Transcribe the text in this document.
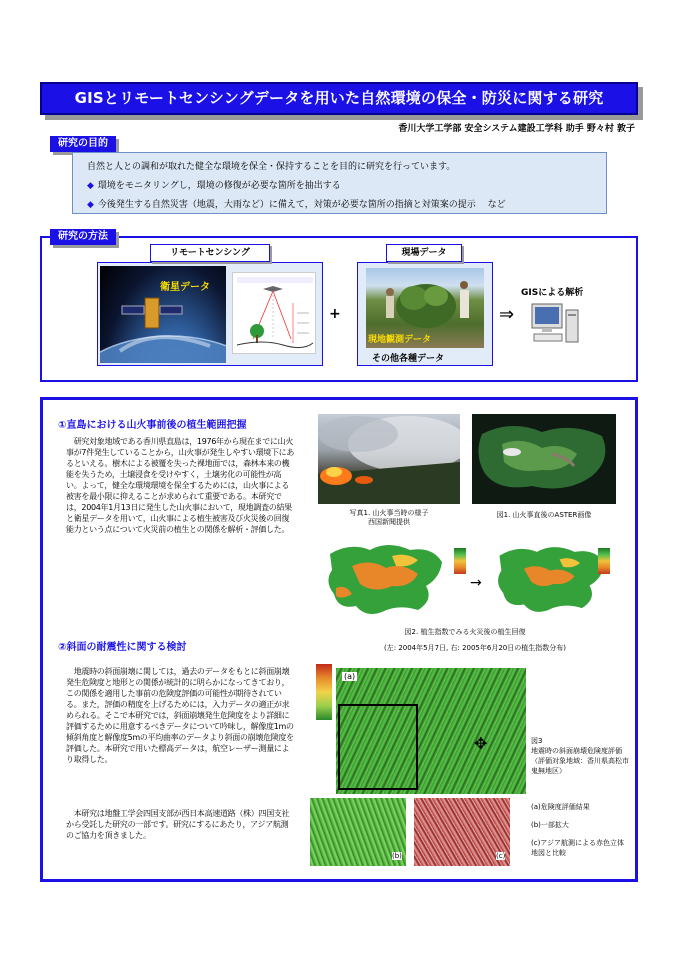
GISとリモートセンシングデータを用いた自然環境の保全・防災に関する研究
香川大学工学部 安全システム建設工学科 助手 野々村 敦子
研究の目的
自然と人との調和が取れた健全な環境を保全・保持することを目的に研究を行っています。
◆ 環境をモニタリングし，環境の修復が必要な箇所を抽出する
◆ 今後発生する自然災害（地震，大雨など）に備えて，対策が必要な箇所の指摘と対策案の提示　 など
研究の方法
リモートセンシング
衛星データ
+
現場データ
現地観測データ
その他各種データ
⇒
GISによる解析
①直島における山火事前後の植生範囲把握
　研究対象地域である香川県直島は，1976年から現在までに山火事が7件発生していることから，山火事が発生しやすい環境下にあるといえる。樹木による被覆を失った裸地面では，森林本来の機能を失うため，土壌浸食を受けやすく，土壌劣化の可能性が高い。よって，健全な環境環境を保全するためには，山火事による被害を最小限に抑えることが求められて重要である。本研究では，2004年1月13日に発生した山火事において，現地調査の結果と衛星データを用いて，山火事による植生被害及び火災後の回復能力という点について火災前の植生との関係を解析・評価した。
写真1. 山火事当時の様子
西国新聞提供
図1. 山火事直後のASTER画像
→
図2. 植生指数でみる火災後の植生回復
(左: 2004年5月7日, 右: 2005年6月20日の植生指数分布)
②斜面の耐震性に関する検討
　地震時の斜面崩壊に関しては，過去のデータをもとに斜面崩壊発生危険度と地形との関係が統計的に明らかになってきており，この関係を適用した事前の危険度評価の可能性が期待されている。また，評価の精度を上げるためには，入力データの適正が求められる。そこで本研究では，斜面崩壊発生危険度をより詳細に評価するために用意するべきデータについて吟味し，解像度1mの傾斜角度と解像度5mの平均曲率のデータより斜面の崩壊危険度を評価した。本研究で用いた標高データは，航空レーザー測量により取得した。
　本研究は地盤工学会四国支部が西日本高速道路（株）四国支社から受託した研究の一部です。研究にするにあたり，アジア航測のご協力を頂きました。
(a)
✥
(b)	(c)
図3
地震時の斜面崩壊危険度評価（評価対象地域：香川県高松市鬼無地区）
(a)危険度評価結果
(b)一部拡大
(c)アジア航測による赤色立体地図と比較
